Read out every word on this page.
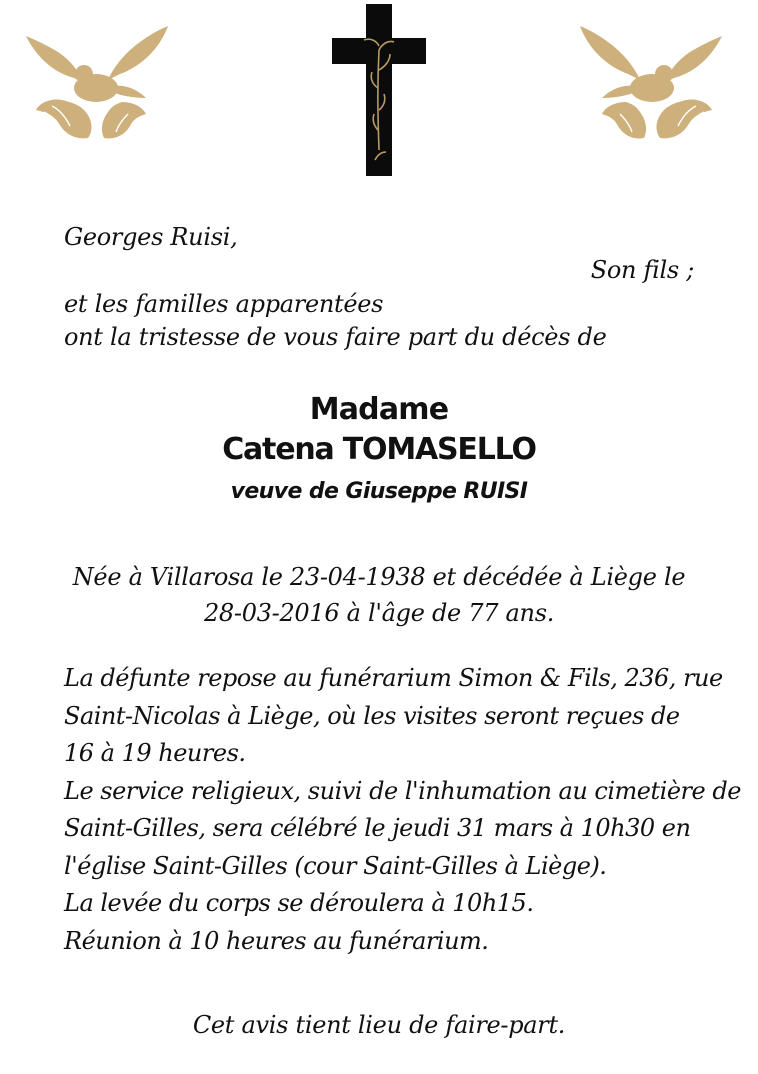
Georges Ruisi,
Son fils ;
et les familles apparentées
ont la tristesse de vous faire part du décès de
Madame
Catena TOMASELLO
veuve de Giuseppe RUISI
Née à Villarosa le 23-04-1938 et décédée à Liège le
28-03-2016 à l'âge de 77 ans.
La défunte repose au funérarium Simon & Fils, 236, rue
Saint-Nicolas à Liège, où les visites seront reçues de
16 à 19 heures.
Le service religieux, suivi de l'inhumation au cimetière de
Saint-Gilles, sera célébré le jeudi 31 mars à 10h30 en
l'église Saint-Gilles (cour Saint-Gilles à Liège).
La levée du corps se déroulera à 10h15.
Réunion à 10 heures au funérarium.
Cet avis tient lieu de faire-part.
